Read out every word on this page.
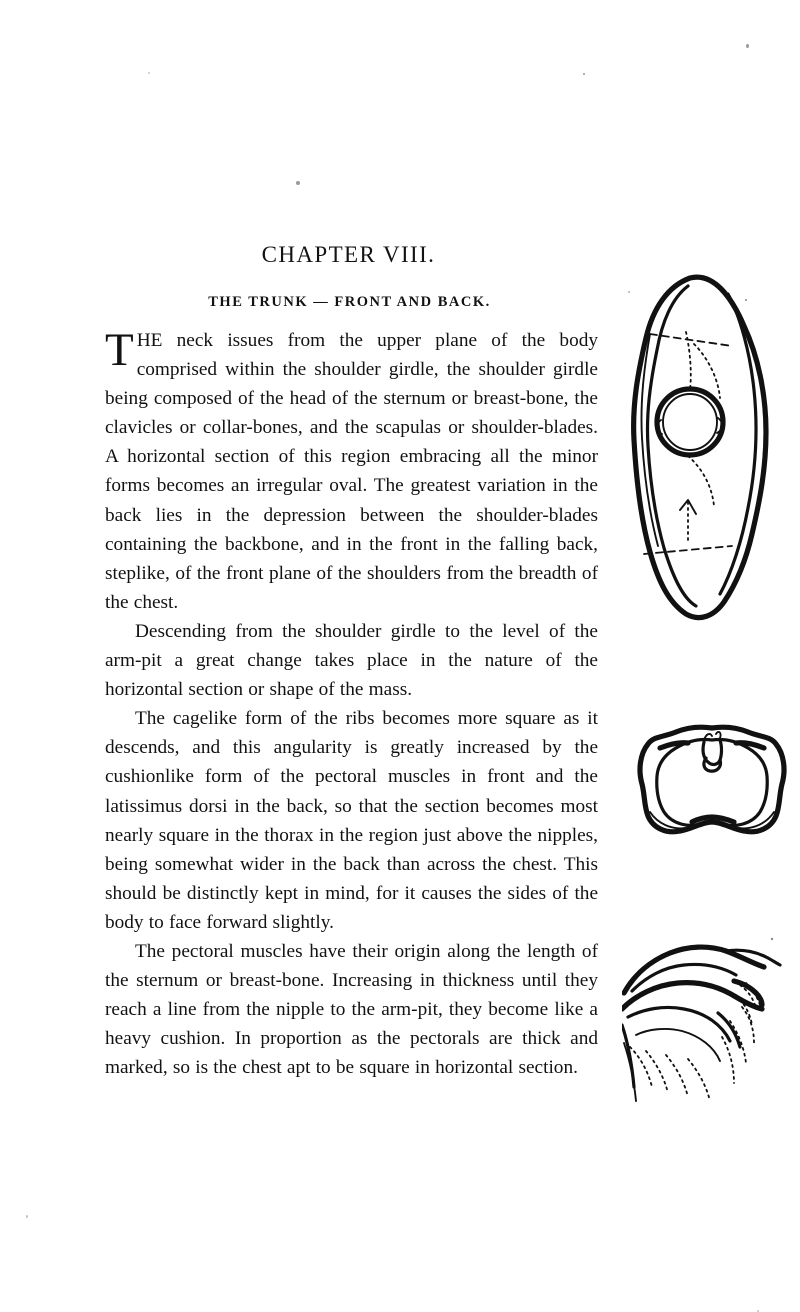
CHAPTER VIII.
THE TRUNK — FRONT AND BACK.

THE neck issues from the upper plane of the body comprised within the shoulder girdle, the shoulder girdle being composed of the head of the sternum or breast-bone, the clavicles or collar-bones, and the scapulas or shoulder-blades. A horizontal section of this region embracing all the minor forms becomes an irregular oval. The greatest variation in the back lies in the depression between the shoulder-blades containing the backbone, and in the front in the falling back, steplike, of the front plane of the shoulders from the breadth of the chest.

Descending from the shoulder girdle to the level of the arm-pit a great change takes place in the nature of the horizontal section or shape of the mass.

The cagelike form of the ribs becomes more square as it descends, and this angularity is greatly increased by the cushionlike form of the pectoral muscles in front and the latissimus dorsi in the back, so that the section becomes most nearly square in the thorax in the region just above the nipples, being somewhat wider in the back than across the chest. This should be distinctly kept in mind, for it causes the sides of the body to face forward slightly.

The pectoral muscles have their origin along the length of the sternum or breast-bone. Increasing in thickness until they reach a line from the nipple to the arm-pit, they become like a heavy cushion. In proportion as the pectorals are thick and marked, so is the chest apt to be square in horizontal section.
